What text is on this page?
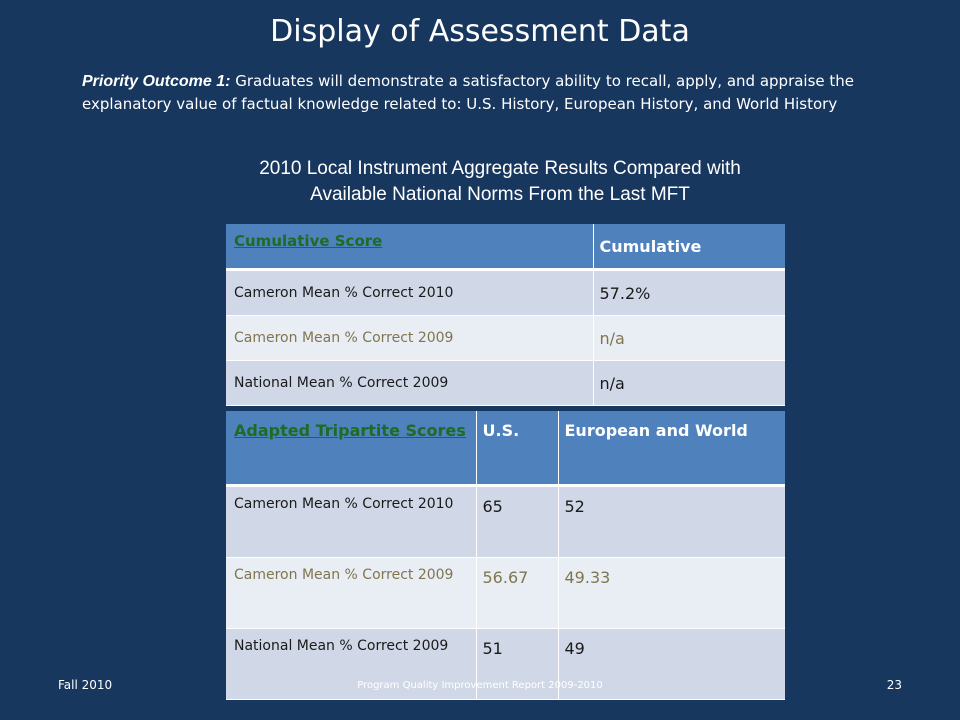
Display of Assessment Data
Priority Outcome 1: Graduates will demonstrate a satisfactory ability to recall, apply, and appraise the explanatory value of factual knowledge related to: U.S. History, European History, and World History
2010 Local Instrument Aggregate Results Compared with
Available National Norms From the Last MFT
Cumulative Score	Cumulative
Cameron Mean % Correct 2010	57.2%
Cameron Mean % Correct 2009	n/a
National Mean % Correct 2009	n/a
Adapted Tripartite Scores	U.S.	European and World
Cameron Mean % Correct 2010	65	52
Cameron Mean % Correct 2009	56.67	49.33
National Mean % Correct 2009	51	49
Fall 2010	Program Quality Improvement Report 2009-2010	23
